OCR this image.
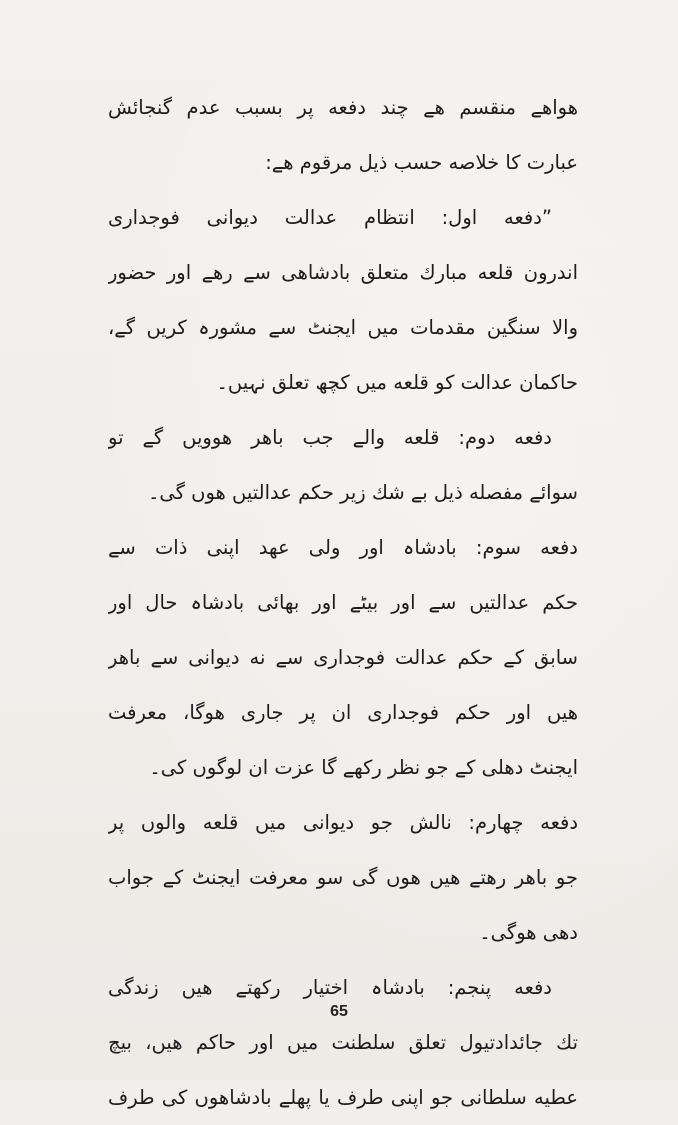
ھواھے منقسم ھے چند دفعه پر بسبب عدم گنجائش
عبارت کا خلاصه حسب ذیل مرقوم ھے:
”دفعه اول: انتظام عدالت دیوانی فوجداری
اندرون قلعه مبارك متعلق بادشاھی سے رھے اور حضور
والا سنگین مقدمات میں ایجنٹ سے مشورہ کریں گے،
حاکمان عدالت کو قلعه میں کچھ تعلق نہیں۔
دفعه دوم: قلعه والے جب باھر ھوویں گے تو
سوائے مفصله ذیل بے شك زیر حکم عدالتیں ھوں گی۔
دفعه سوم: بادشاہ اور ولی عھد اپنی ذات سے
حکم عدالتیں سے اور بیٹے اور بھائی بادشاہ حال اور
سابق کے حکم عدالت فوجداری سے نه دیوانی سے باھر
ھیں اور حکم فوجداری ان پر جاری ھوگا، معرفت
ایجنٹ دھلی کے جو نظر رکھے گا عزت ان لوگوں کی۔
دفعه چھارم: نالش جو دیوانی میں قلعه والوں پر
جو باھر رھتے ھیں ھوں گی سو معرفت ایجنٹ کے جواب
دھی ھوگی۔
دفعه پنجم: بادشاہ اختیار رکھتے ھیں زندگی
تك جائدادتیول تعلق سلطنت میں اور حاکم ھیں، بیچ
عطیه سلطانی جو اپنی طرف یا پھلے بادشاھوں کی طرف
65
